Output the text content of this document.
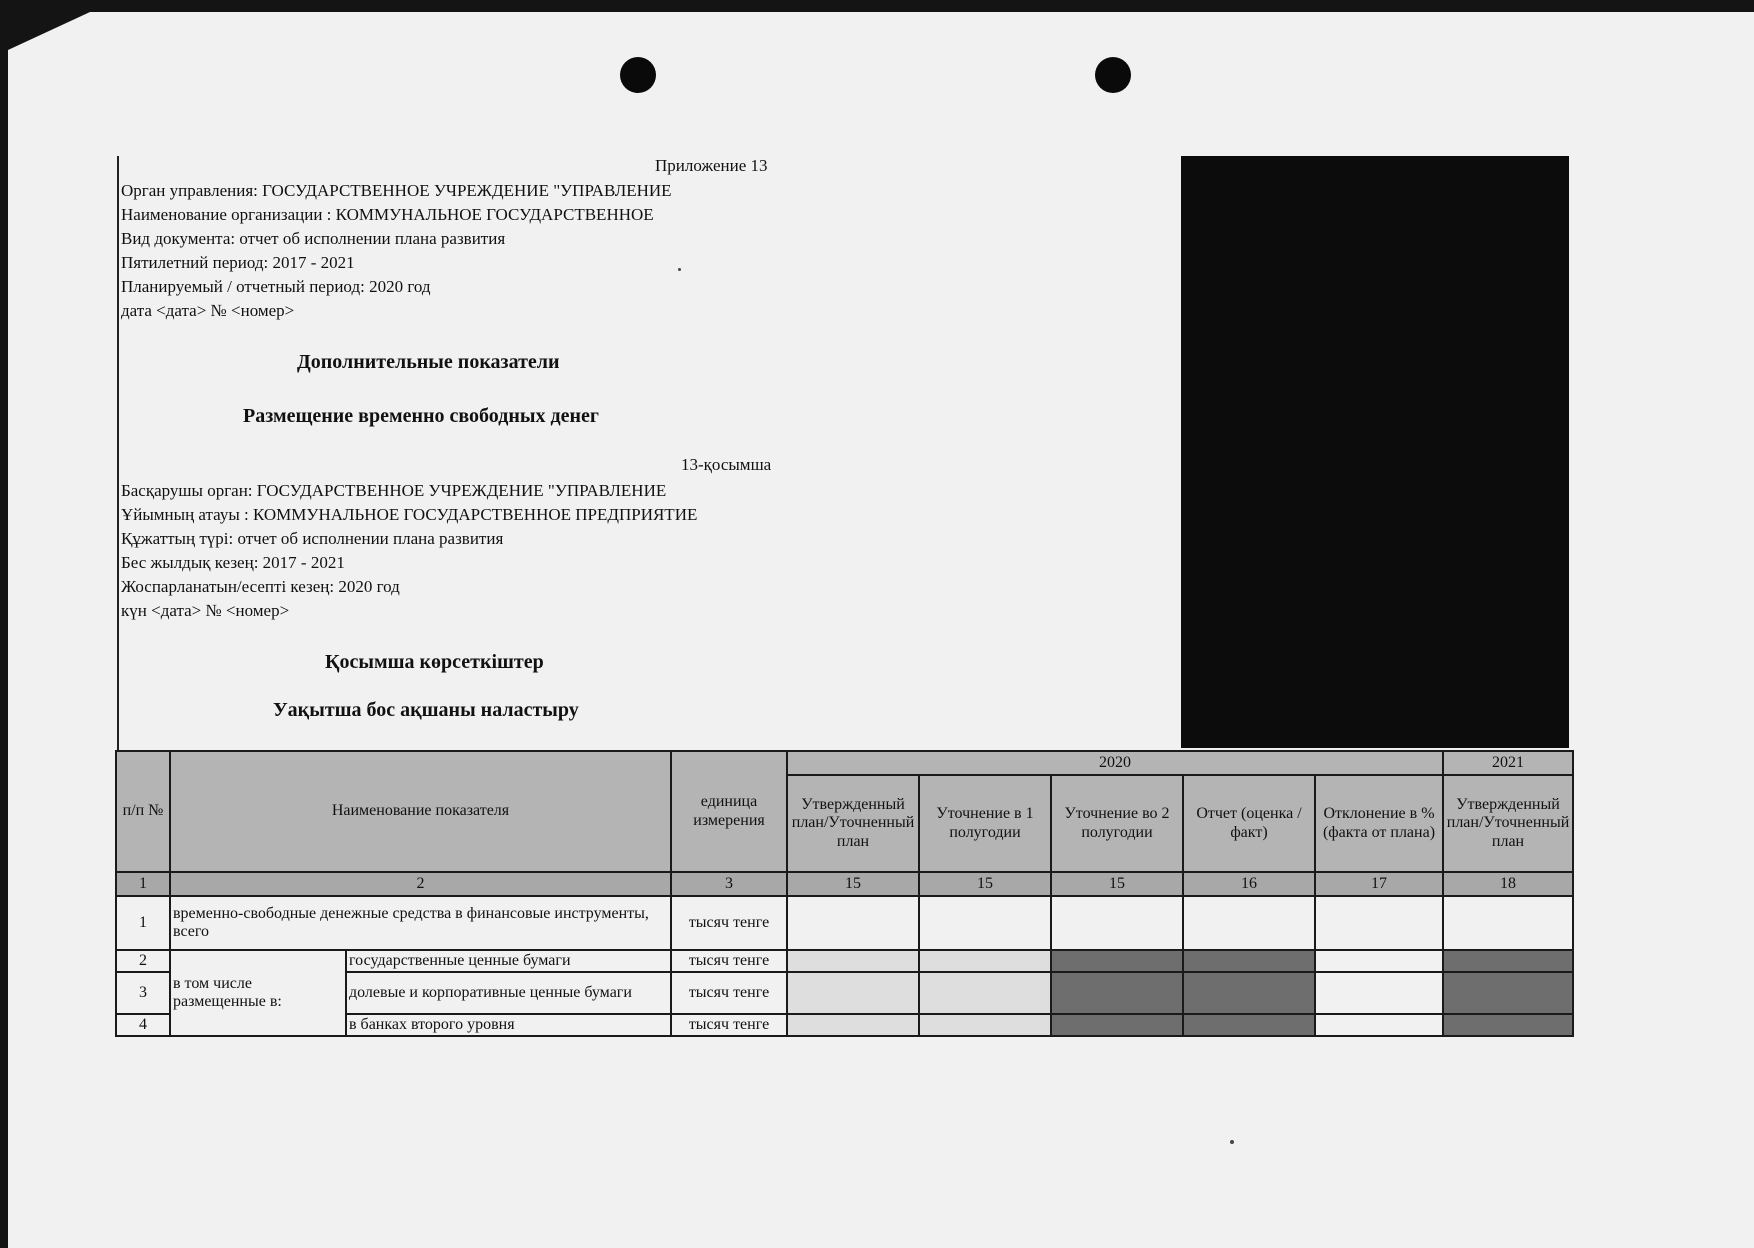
Приложение 13
Орган управления: ГОСУДАРСТВЕННОЕ УЧРЕЖДЕНИЕ "УПРАВЛЕНИЕ
Наименование организации : КОММУНАЛЬНОЕ ГОСУДАРСТВЕННОЕ
Вид документа: отчет об исполнении плана развития
Пятилетний период: 2017 - 2021
Планируемый / отчетный период: 2020 год
дата <дата> № <номер>
Дополнительные показатели
Размещение временно свободных денег
13-қосымша
Басқарушы орган: ГОСУДАРСТВЕННОЕ УЧРЕЖДЕНИЕ "УПРАВЛЕНИЕ
Ұйымның атауы : КОММУНАЛЬНОЕ ГОСУДАРСТВЕННОЕ ПРЕДПРИЯТИЕ
Құжаттың түрі: отчет об исполнении плана развития
Бес жылдық кезең: 2017 - 2021
Жоспарланатын/есепті кезең: 2020 год
күн <дата> № <номер>
Қосымша көрсеткіштер
Уақытша бос ақшаны наластыру
п/п №	Наименование показателя		единица измерения	2020					2021
				Утвержденный план/Уточненный план	Уточнение в 1 полугодии	Уточнение во 2 полугодии	Отчет (оценка / факт)	Отклонение в % (факта от плана)	Утвержденный план/Уточненный план
1	2		3	15	15	15	16	17	18
1	временно-свободные денежные средства в финансовые инструменты, всего		тысяч тенге						
2	в том числе размещенные в:	государственные ценные бумаги	тысяч тенге						
3		долевые и корпоративные ценные бумаги	тысяч тенге						
4		в банках второго уровня	тысяч тенге						
